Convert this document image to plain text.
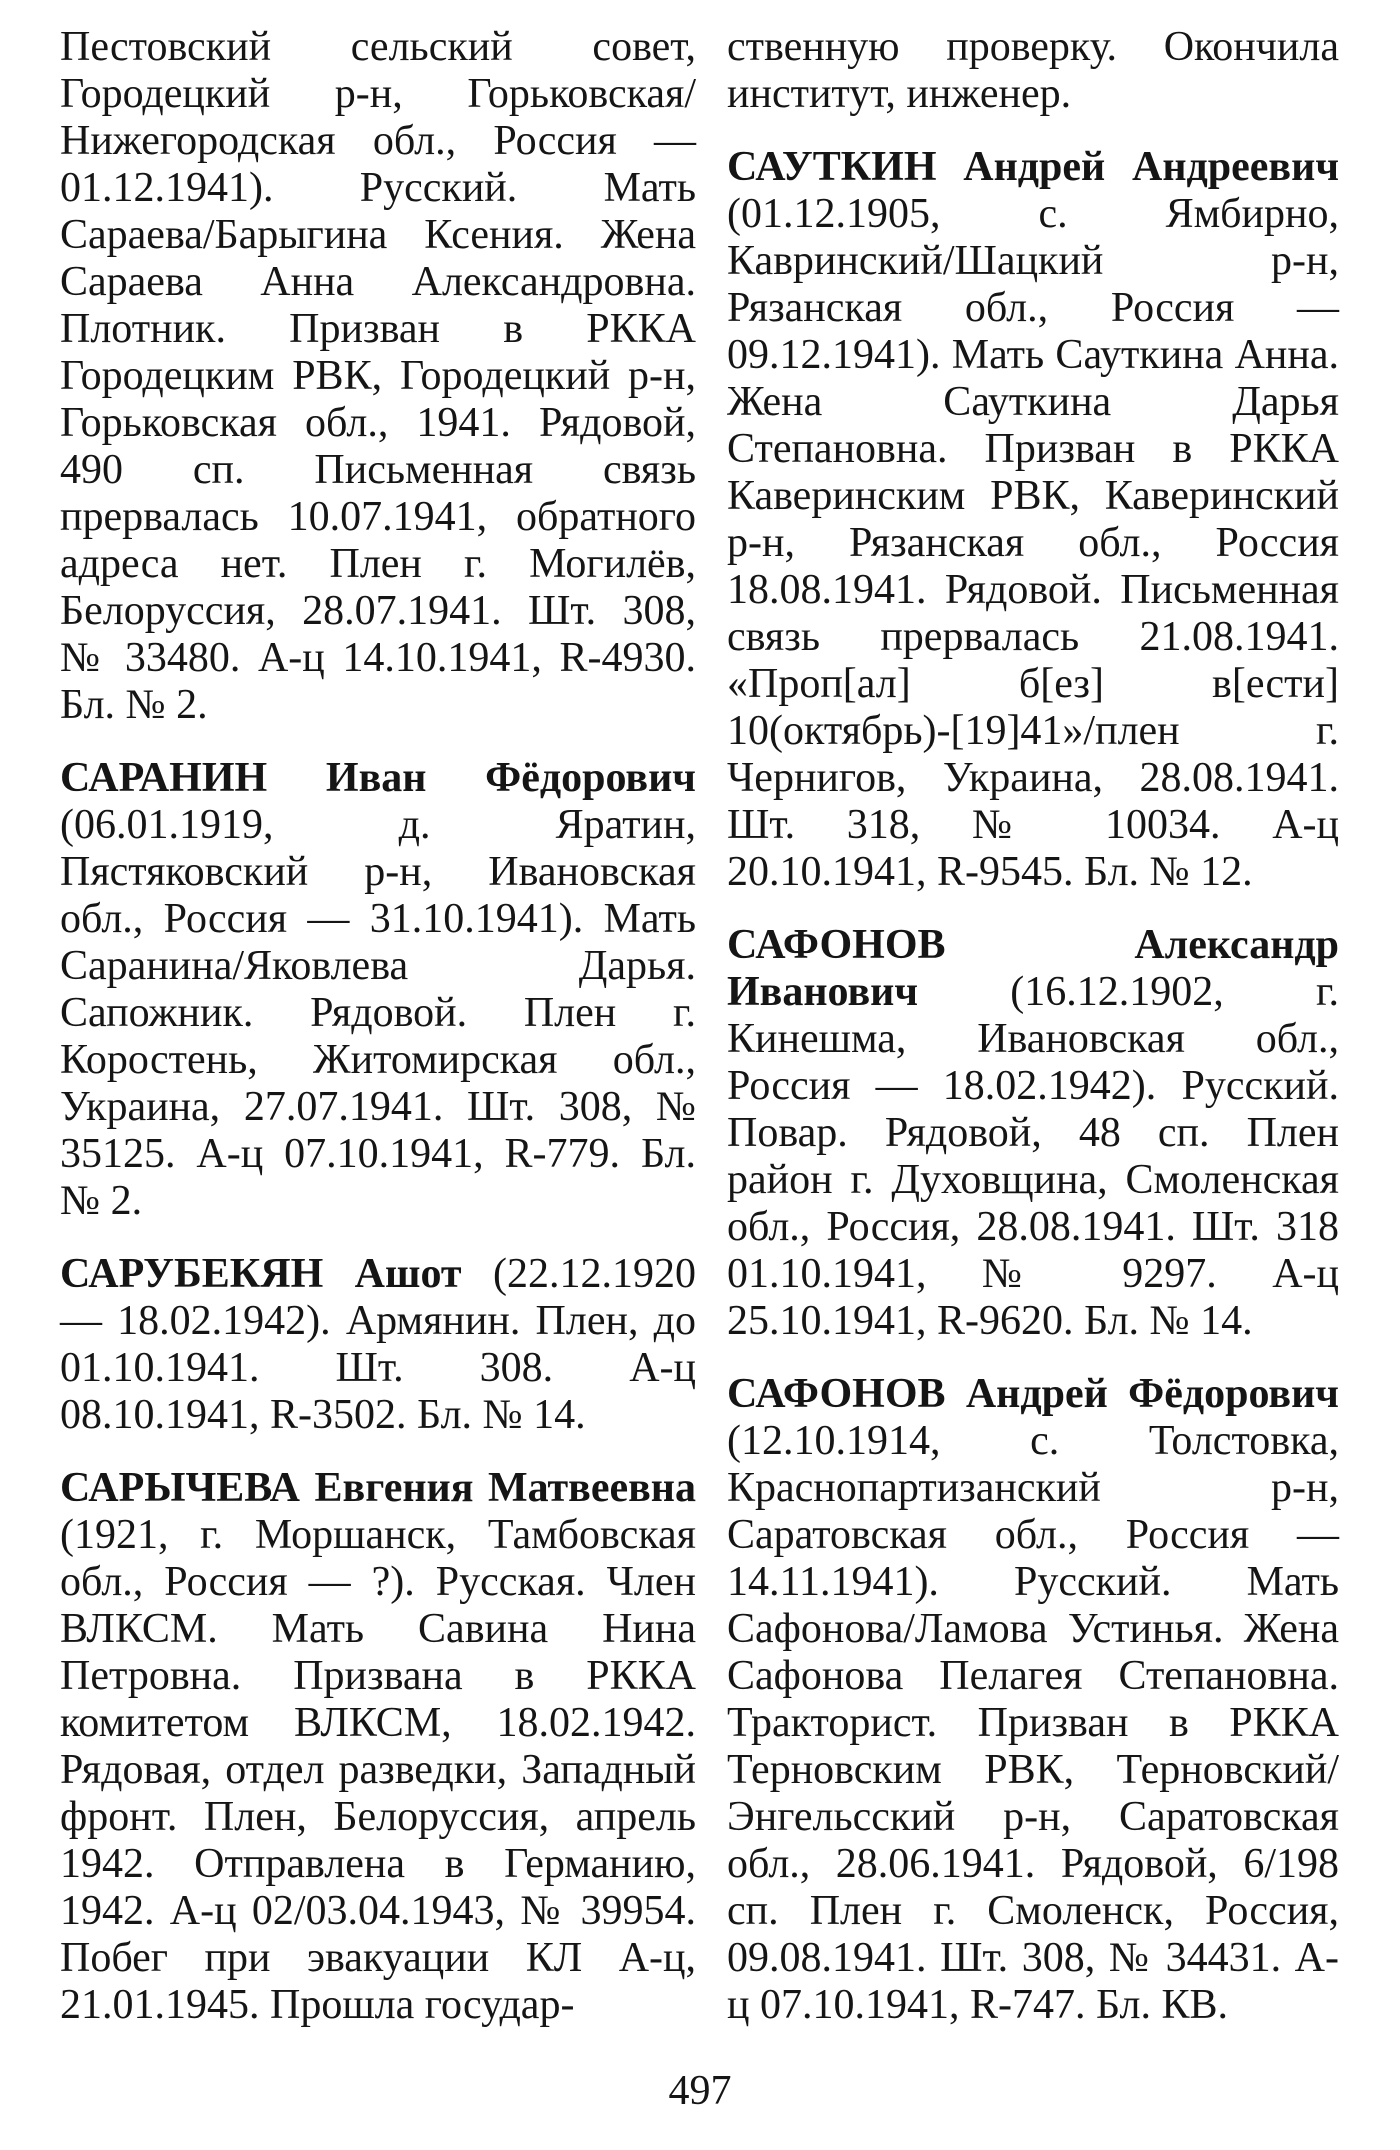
Пестовский сельский совет, Городецкий р-н, Горьковская/Нижегородская обл., Россия — 01.12.1941). Русский. Мать Сараева/Барыгина Ксения. Жена Сараева Анна Александровна. Плотник. Призван в РККА Городецким РВК, Городецкий р-н, Горьковская обл., 1941. Рядовой, 490 сп. Письменная связь прервалась 10.07.1941, обратного адреса нет. Плен г. Могилёв, Белоруссия, 28.07.1941. Шт. 308, № 33480. А-ц 14.10.1941, R-4930. Бл. № 2.

САРАНИН Иван Фёдорович (06.01.1919, д. Яратин, Пястяковский р-н, Ивановская обл., Россия — 31.10.1941). Мать Саранина/Яковлева Дарья. Сапожник. Рядовой. Плен г. Коростень, Житомирская обл., Украина, 27.07.1941. Шт. 308, № 35125. А-ц 07.10.1941, R-779. Бл. № 2.

САРУБЕКЯН Ашот (22.12.1920 — 18.02.1942). Армянин. Плен, до 01.10.1941. Шт. 308. А-ц 08.10.1941, R-3502. Бл. № 14.

САРЫЧЕВА Евгения Матвеевна (1921, г. Моршанск, Тамбовская обл., Россия — ?). Русская. Член ВЛКСМ. Мать Савина Нина Петровна. Призвана в РККА комитетом ВЛКСМ, 18.02.1942. Рядовая, отдел разведки, Западный фронт. Плен, Белоруссия, апрель 1942. Отправлена в Германию, 1942. А-ц 02/03.04.1943, № 39954. Побег при эвакуации КЛ А-ц, 21.01.1945. Прошла государ-

ственную проверку. Окончила институт, инженер.

САУТКИН Андрей Андреевич (01.12.1905, с. Ямбирно, Кавринский/Шацкий р-н, Рязанская обл., Россия — 09.12.1941). Мать Сауткина Анна. Жена Сауткина Дарья Степановна. Призван в РККА Каверинским РВК, Каверинский р-н, Рязанская обл., Россия 18.08.1941. Рядовой. Письменная связь прервалась 21.08.1941. «Проп[ал] б[ез] в[ести] 10(октябрь)-[19]41»/плен г. Чернигов, Украина, 28.08.1941. Шт. 318, № 10034. А-ц 20.10.1941, R-9545. Бл. № 12.

САФОНОВ Александр Иванович (16.12.1902, г. Кинешма, Ивановская обл., Россия — 18.02.1942). Русский. Повар. Рядовой, 48 сп. Плен район г. Духовщина, Смоленская обл., Россия, 28.08.1941. Шт. 318 01.10.1941, № 9297. А-ц 25.10.1941, R-9620. Бл. № 14.

САФОНОВ Андрей Фёдорович (12.10.1914, с. Толстовка, Краснопартизанский р-н, Саратовская обл., Россия — 14.11.1941). Русский. Мать Сафонова/Ламова Устинья. Жена Сафонова Пелагея Степановна. Тракторист. Призван в РККА Терновским РВК, Терновский/Энгельсский р-н, Саратовская обл., 28.06.1941. Рядовой, 6/198 сп. Плен г. Смоленск, Россия, 09.08.1941. Шт. 308, № 34431. А-ц 07.10.1941, R-747. Бл. КВ.

497
